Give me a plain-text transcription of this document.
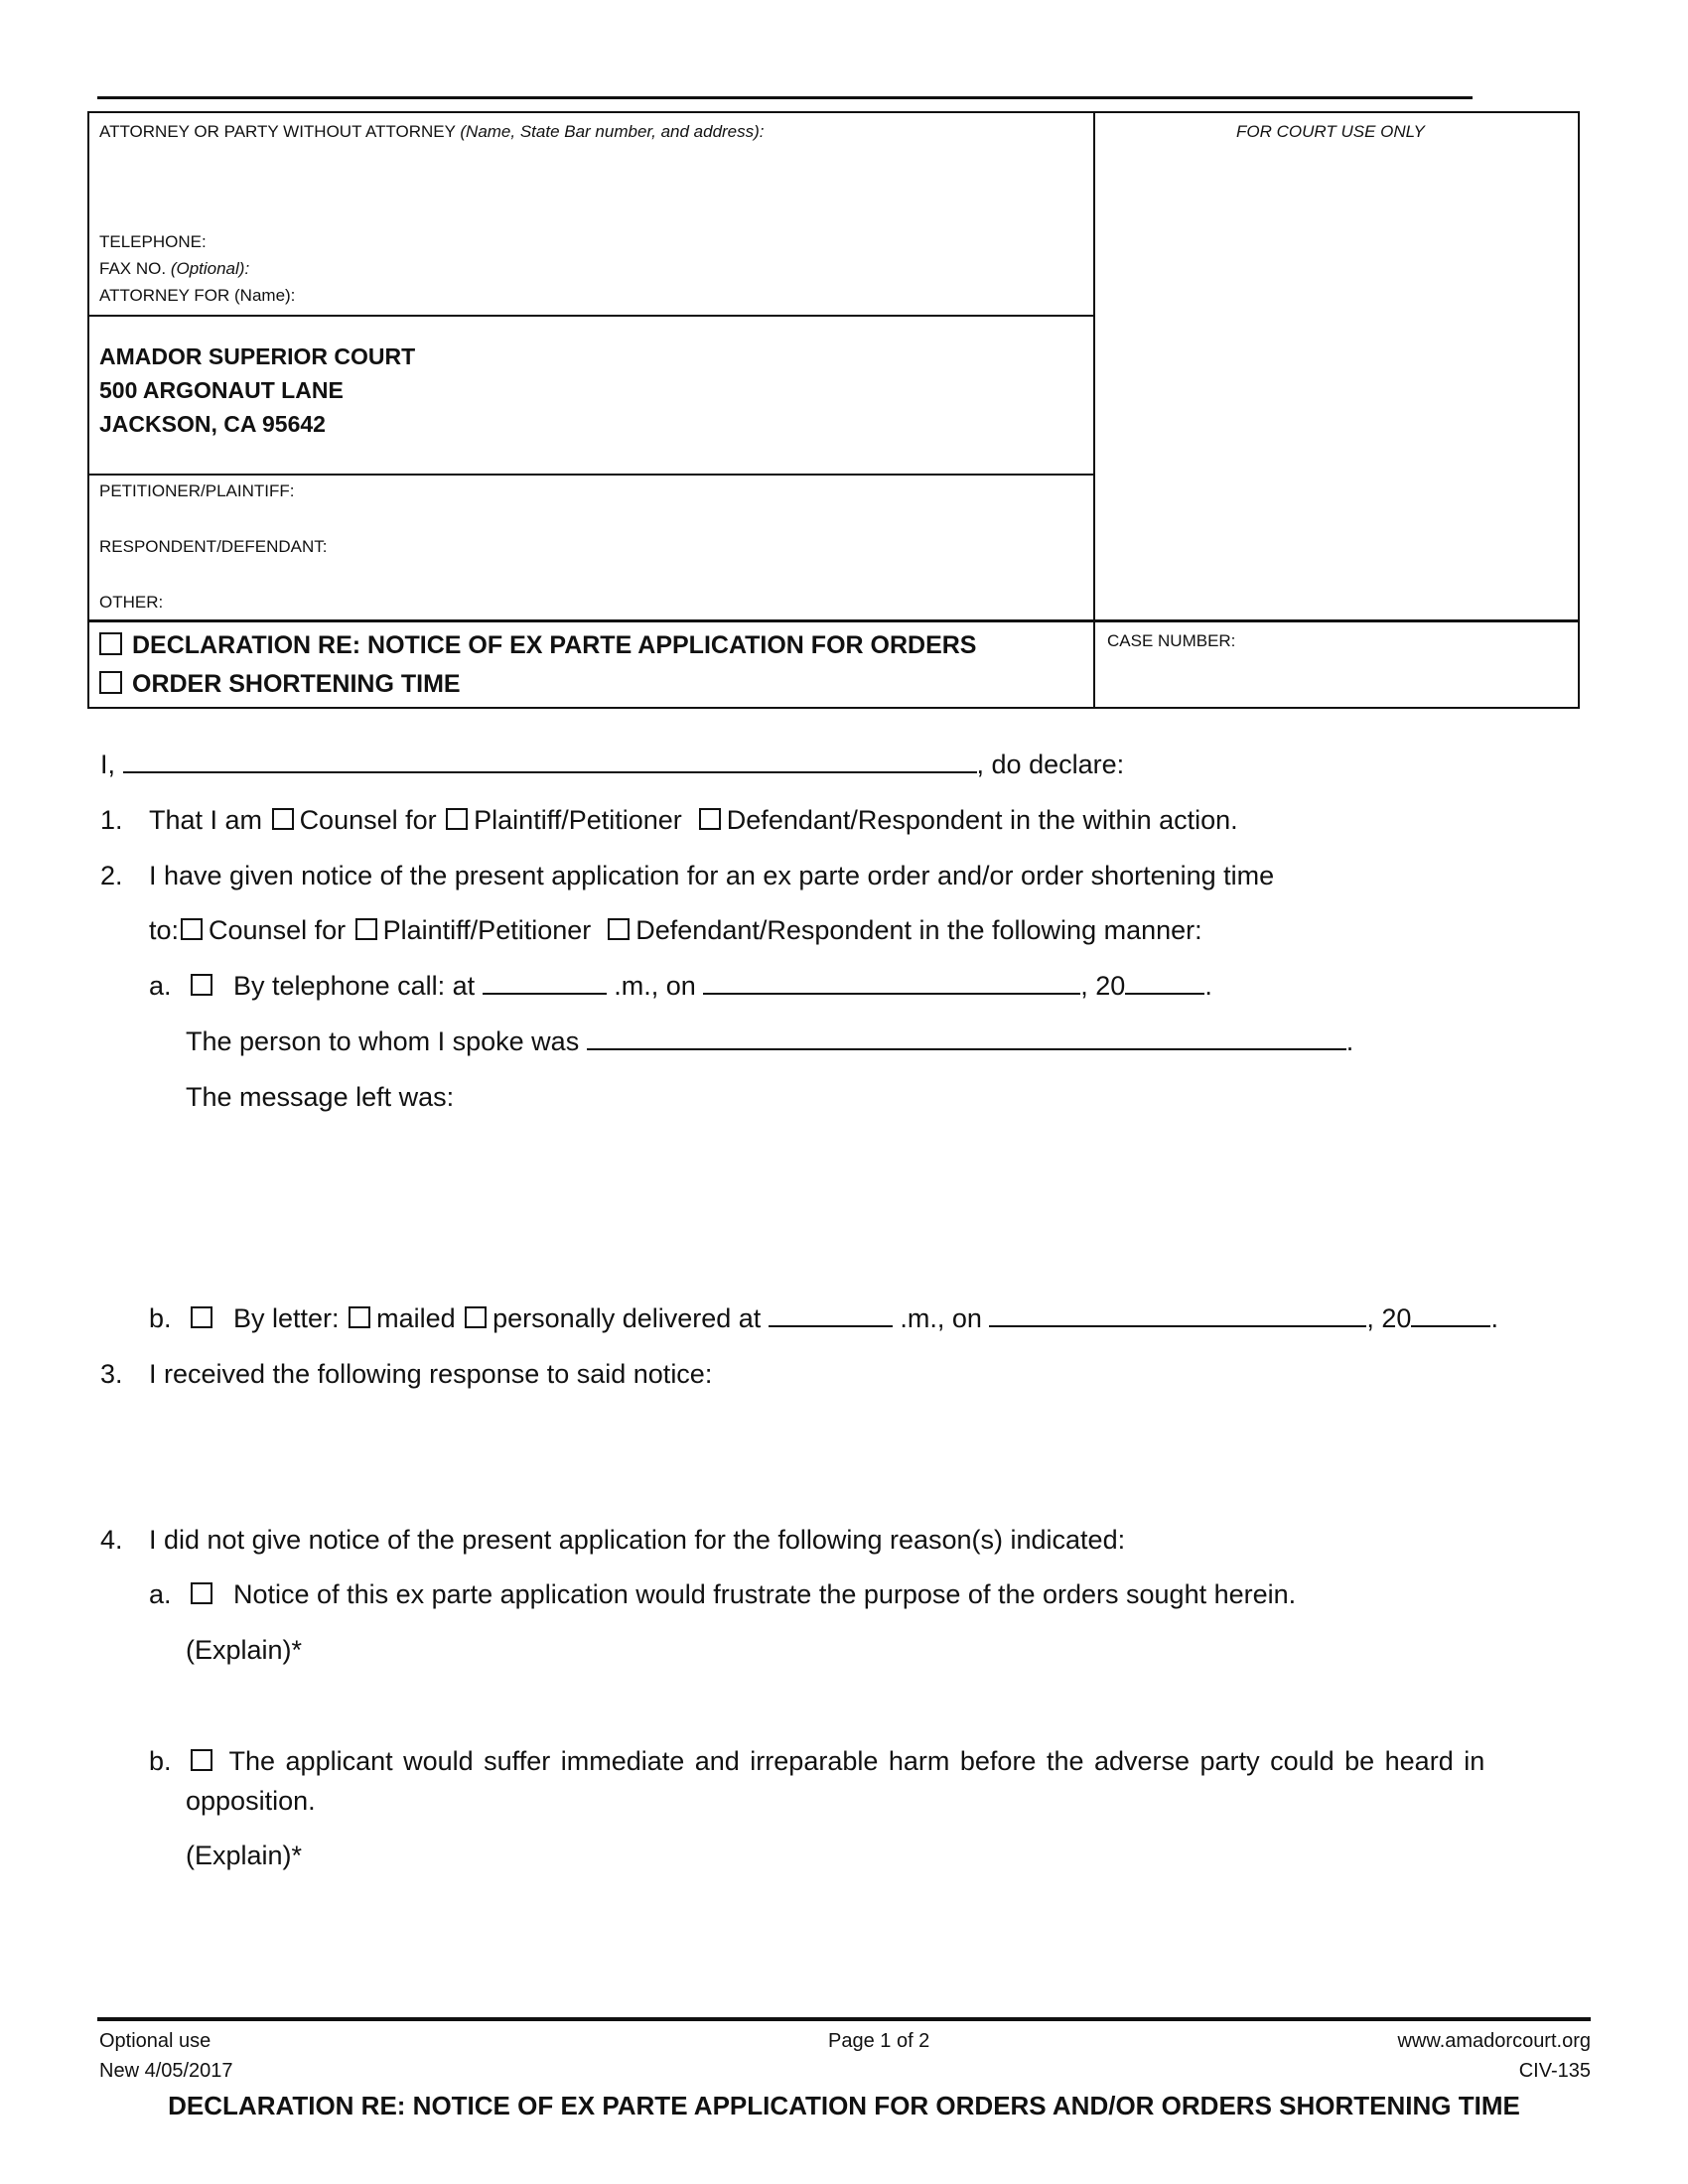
ATTORNEY OR PARTY WITHOUT ATTORNEY (Name, State Bar number, and address):	FOR COURT USE ONLY
TELEPHONE:
FAX NO. (Optional):
ATTORNEY FOR (Name):
AMADOR SUPERIOR COURT
500 ARGONAUT LANE
JACKSON, CA 95642
PETITIONER/PLAINTIFF:
RESPONDENT/DEFENDANT:
OTHER:
DECLARATION RE: NOTICE OF EX PARTE APPLICATION FOR ORDERS
ORDER SHORTENING TIME
CASE NUMBER:
I,	, do declare:
1. That I am Counsel for Plaintiff/Petitioner Defendant/Respondent in the within action.
2. I have given notice of the present application for an ex parte order and/or order shortening time
to: Counsel for Plaintiff/Petitioner Defendant/Respondent in the following manner:
a.	By telephone call: at	.m., on	, 20	.
The person to whom I spoke was	.
The message left was:
b.	By letter: mailed personally delivered at	.m., on	, 20	.
3. I received the following response to said notice:
4. I did not give notice of the present application for the following reason(s) indicated:
a.	Notice of this ex parte application would frustrate the purpose of the orders sought herein.
(Explain)*
b.	The applicant would suffer immediate and irreparable harm before the adverse party could be heard in
opposition.
(Explain)*
Optional use
New 4/05/2017
Page 1 of 2	www.amadorcourt.org
CIV-135
DECLARATION RE: NOTICE OF EX PARTE APPLICATION FOR ORDERS AND/OR ORDERS SHORTENING TIME
